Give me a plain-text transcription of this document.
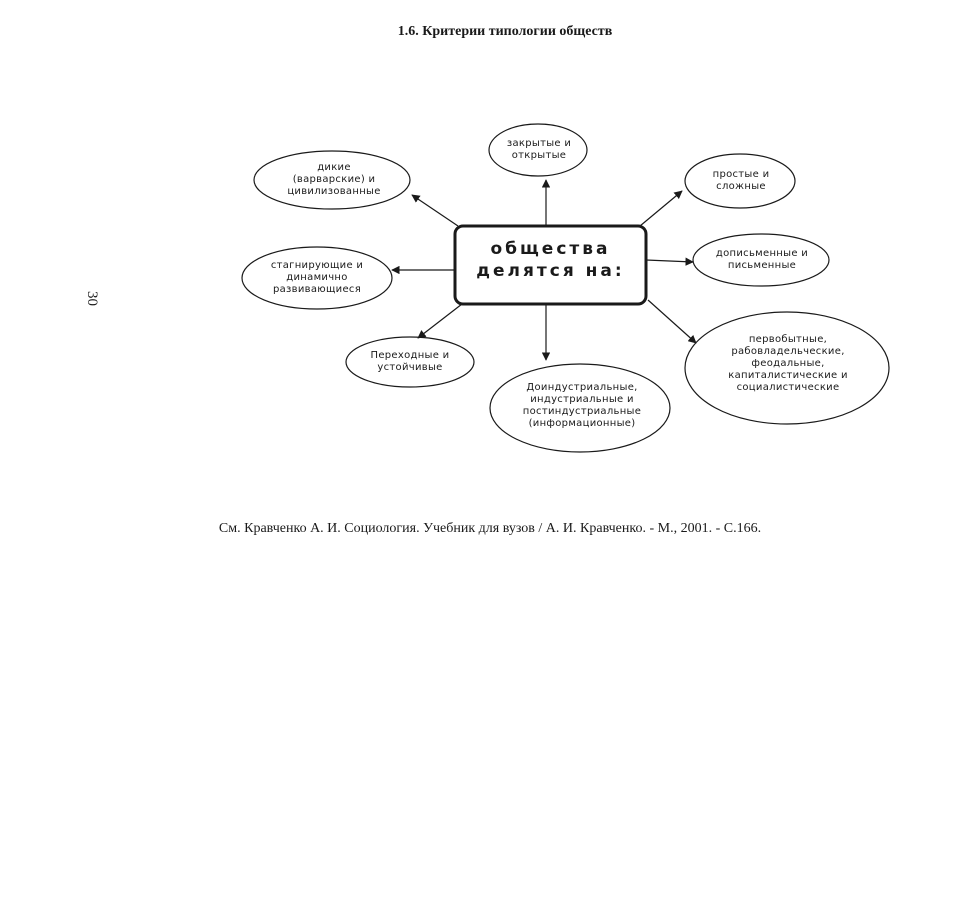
1.6. Критерии типологии обществ
30
общества
делятся на:
закрытые и открытые
дикие (варварские) и цивилизованные
стагнирующие и динамично развивающиеся
Переходные и устойчивые
Доиндустриальные, индустриальные и постиндустриальные (информационные)
простые и сложные
дописьменные и письменные
первобытные, рабовладельческие, феодальные, капиталистические и социалистические
См. Кравченко А. И. Социология. Учебник для вузов / А. И. Кравченко. - М., 2001. - С.166.
